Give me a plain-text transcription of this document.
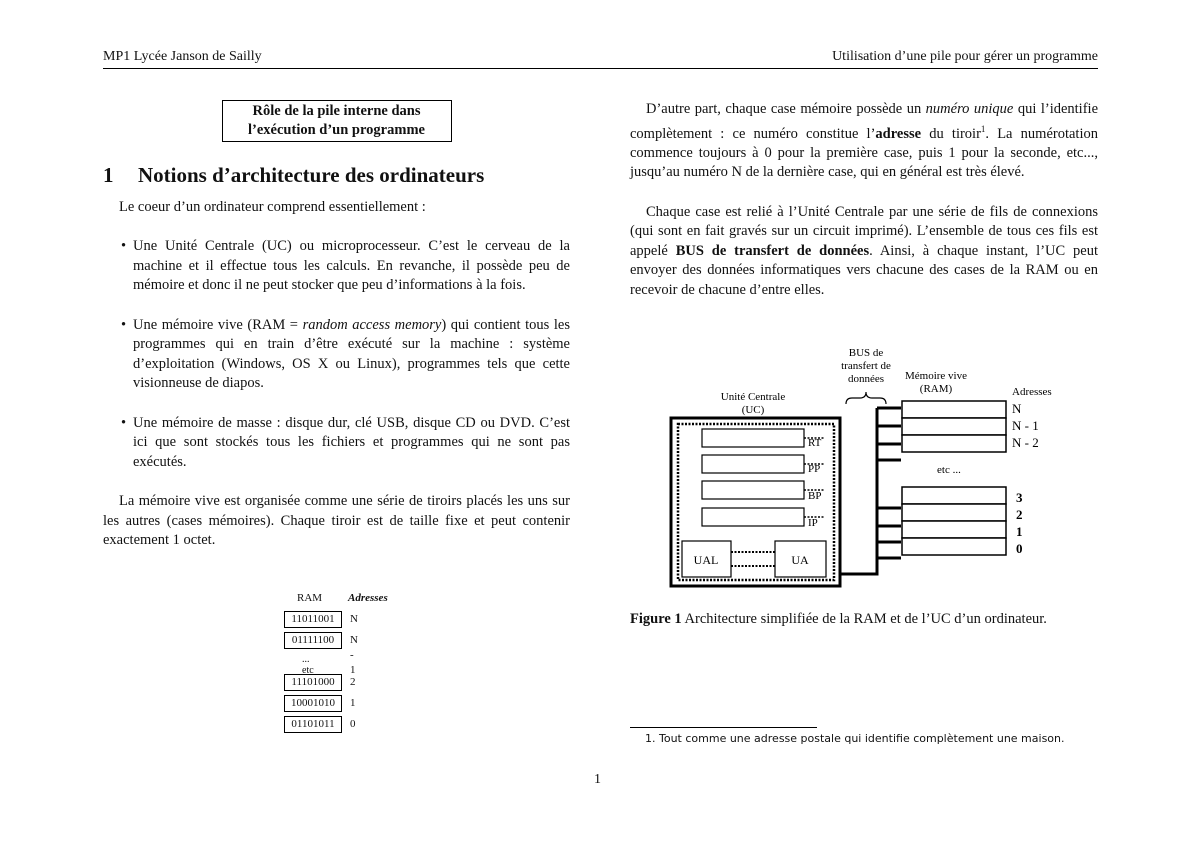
MP1 Lycée Janson de Sailly	Utilisation d’une pile pour gérer un programme
Rôle de la pile interne dans
l’exécution d’un programme
1 Notions d’architecture des ordinateurs

Le coeur d’un ordinateur comprend essentiellement :

• Une Unité Centrale (UC) ou microprocesseur. C’est le cerveau de la machine et il effectue tous les calculs. En revanche, il possède peu de mémoire et donc il ne peut stocker que peu d’informations à la fois.
• Une mémoire vive (RAM = random access memory) qui contient tous les programmes qui en train d’être exécuté sur la machine : système d’exploitation (Windows, OS X ou Linux), programmes tels que cette visionneuse de diapos.
• Une mémoire de masse : disque dur, clé USB, disque CD ou DVD. C’est ici que sont stockés tous les fichiers et programmes qui ne sont pas exécutés.

La mémoire vive est organisée comme une série de tiroirs placés les uns sur les autres (cases mémoires). Chaque tiroir est de taille fixe et peut contenir exactement 1 octet.

RAM Adresses
11011001	N
01111100	N - 1
... etc
11101000	2
10001010	1
01101011	0

D’autre part, chaque case mémoire possède un numéro unique qui l’identifie complètement : ce numéro constitue l’adresse du tiroir$^1$. La numérotation commence toujours à 0 pour la première case, puis 1 pour la seconde, etc..., jusqu’au numéro N de la dernière case, qui en général est très élevé.

Chaque case est relié à l’Unité Centrale par une série de fils de connexions (qui sont en fait gravés sur un circuit imprimé). L’ensemble de tous ces fils est appelé BUS de transfert de données. Ainsi, à chaque instant, l’UC peut envoyer des données informatiques vers chacune des cases de la RAM ou en recevoir de chacune d’entre elles.

BUS de
transfert de
données
Unité Centrale
(UC)
Mémoire vive
(RAM)	Adresses
RT
PP
BP
IP
UAL	UA
etc ...
N
N - 1
N - 2
3
2
1
0
Figure 1 Architecture simplifiée de la RAM et de l’UC d’un ordinateur.
1. Tout comme une adresse postale qui identifie complètement une maison.
1
